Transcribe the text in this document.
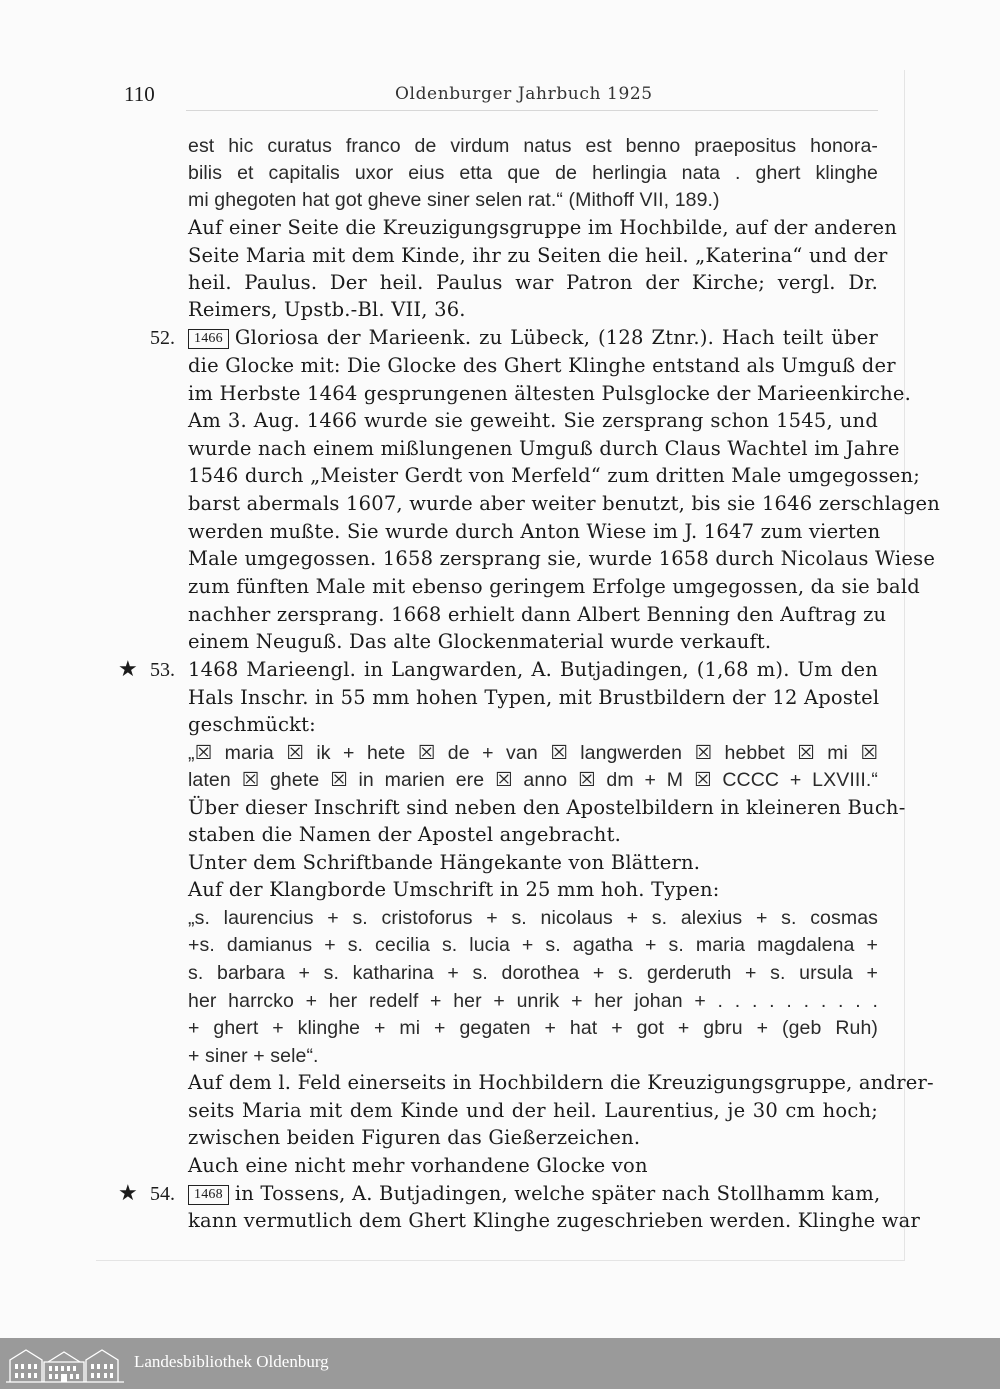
110	Oldenburger Jahrbuch 1925
est hic curatus franco de virdum natus est benno praepositus honora-
bilis et capitalis uxor eius etta que de herlingia nata . ghert klinghe
mi ghegoten hat got gheve siner selen rat.“ (Mithoff VII, 189.)
Auf einer Seite die Kreuzigungsgruppe im Hochbilde, auf der anderen
Seite Maria mit dem Kinde, ihr zu Seiten die heil. „Katerina“ und der
heil. Paulus. Der heil. Paulus war Patron der Kirche; vergl. Dr.
Reimers, Upstb.-Bl. VII, 36.
52.	1466 Gloriosa der Marieenk. zu Lübeck, (128 Ztnr.). Hach teilt über
die Glocke mit: Die Glocke des Ghert Klinghe entstand als Umguß der
im Herbste 1464 gesprungenen ältesten Pulsglocke der Marieenkirche.
Am 3. Aug. 1466 wurde sie geweiht. Sie zersprang schon 1545, und
wurde nach einem mißlungenen Umguß durch Claus Wachtel im Jahre
1546 durch „Meister Gerdt von Merfeld“ zum dritten Male umgegossen;
barst abermals 1607, wurde aber weiter benutzt, bis sie 1646 zerschlagen
werden mußte. Sie wurde durch Anton Wiese im J. 1647 zum vierten
Male umgegossen. 1658 zersprang sie, wurde 1658 durch Nicolaus Wiese
zum fünften Male mit ebenso geringem Erfolge umgegossen, da sie bald
nachher zersprang. 1668 erhielt dann Albert Benning den Auftrag zu
einem Neuguß. Das alte Glockenmaterial wurde verkauft.
★ 53. 1468 Marieengl. in Langwarden, A. Butjadingen, (1,68 m). Um den
Hals Inschr. in 55 mm hohen Typen, mit Brustbildern der 12 Apostel
geschmückt:
„☒ maria ☒ ik + hete ☒ de + van ☒ langwerden ☒ hebbet ☒ mi ☒
laten ☒ ghete ☒ in marien ere ☒ anno ☒ dm + M ☒ CCCC + LXVIII.“
Über dieser Inschrift sind neben den Apostelbildern in kleineren Buch-
staben die Namen der Apostel angebracht.
Unter dem Schriftbande Hängekante von Blättern.
Auf der Klangborde Umschrift in 25 mm hoh. Typen:
„s. laurencius + s. cristoforus + s. nicolaus + s. alexius + s. cosmas
+s. damianus + s. cecilia s. lucia + s. agatha + s. maria magdalena +
s. barbara + s. katharina + s. dorothea + s. gerderuth + s. ursula +
her harrcko + her redelf + her + unrik + her johan + . . . . . . . . . .
+ ghert + klinghe + mi + gegaten + hat + got + gbru + (geb Ruh)
+ siner + sele“.
Auf dem l. Feld einerseits in Hochbildern die Kreuzigungsgruppe, andrer-
seits Maria mit dem Kinde und der heil. Laurentius, je 30 cm hoch;
zwischen beiden Figuren das Gießerzeichen.
Auch eine nicht mehr vorhandene Glocke von
★ 54.	1468 in Tossens, A. Butjadingen, welche später nach Stollhamm kam,
kann vermutlich dem Ghert Klinghe zugeschrieben werden. Klinghe war
Landesbibliothek Oldenburg
